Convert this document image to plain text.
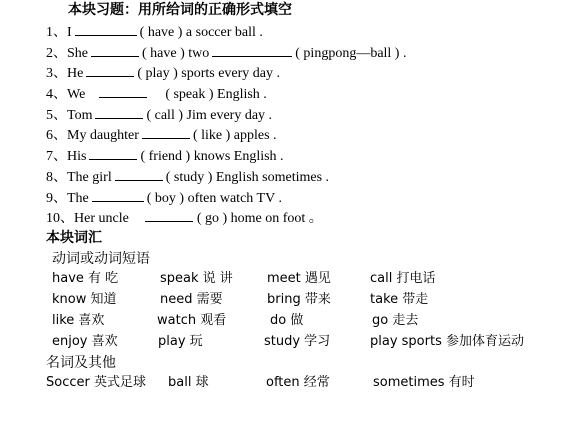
本块习题：用所给词的正确形式填空
1、I	( have ) a soccer ball .
2、She	( have ) two	( pingpong—ball ) .
3、He	( play ) sports every day .
4、We	( speak ) English .
5、Tom	( call ) Jim every day .
6、My daughter	( like ) apples .
7、His	( friend ) knows English .
8、The girl	( study ) English sometimes .
9、The	( boy ) often watch TV .
10、Her uncle	( go ) home on foot 。
本块词汇
动词或动词短语
have 有 吃	speak 说 讲	meet 遇见	call 打电话
know 知道	need 需要	bring 带来	take 带走
like 喜欢	watch 观看	do 做	go 走去
enjoy 喜欢	play 玩	study 学习	play sports 参加体育运动
名词及其他
Soccer 英式足球 ball 球	often 经常	sometimes 有时
